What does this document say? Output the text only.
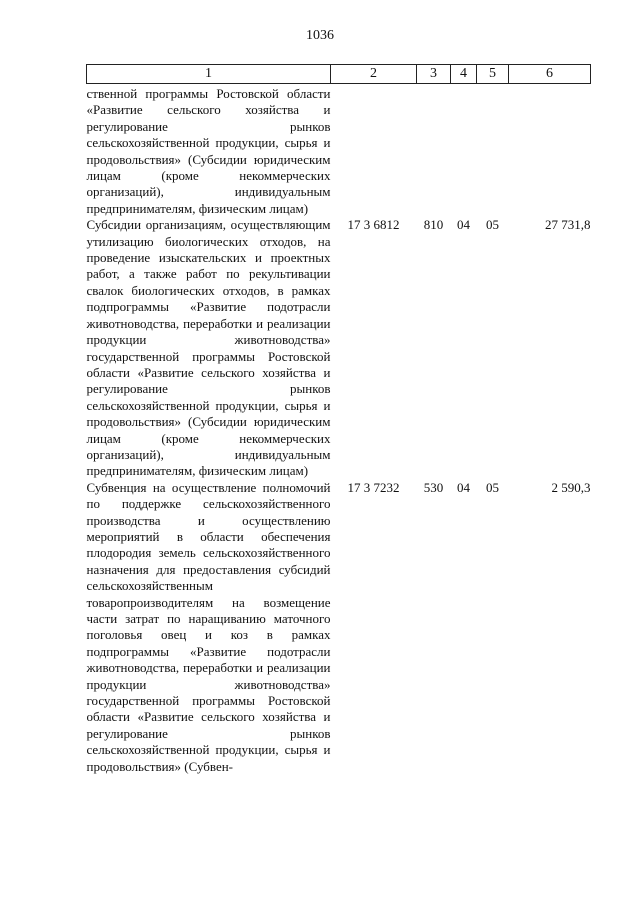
1036
1	2	3	4	5	6
ственной программы Ростовской области «Развитие сельского хозяйства и регулирование рынков сельскохозяйственной продукции, сырья и продовольствия» (Субсидии юридическим лицам (кроме некоммерческих организаций), индивидуальным предпринимателям, физическим лицам)					
Субсидии организациям, осуществляющим утилизацию биологических отходов, на проведение изыскательских и проектных работ, а также работ по рекультивации свалок биологических отходов, в рамках подпрограммы «Развитие подотрасли животноводства, переработки и реализации продукции животноводства» государственной программы Ростовской области «Развитие сельского хозяйства и регулирование рынков сельскохозяйственной продукции, сырья и продовольствия» (Субсидии юридическим лицам (кроме некоммерческих организаций), индивидуальным предпринимателям, физическим лицам)	17 3 6812	810	04	05	27 731,8
Субвенция на осуществление полномочий по поддержке сельскохозяйственного производства и осуществлению мероприятий в области обеспечения плодородия земель сельскохозяйственного назначения для предоставления субсидий сельскохозяйственным товаропроизводителям на возмещение части затрат по наращиванию маточного поголовья овец и коз в рамках подпрограммы «Развитие подотрасли животноводства, переработки и реализации продукции животноводства» государственной программы Ростовской области «Развитие сельского хозяйства и регулирование рынков сельскохозяйственной продукции, сырья и продовольствия» (Субвен-	17 3 7232	530	04	05	2 590,3
